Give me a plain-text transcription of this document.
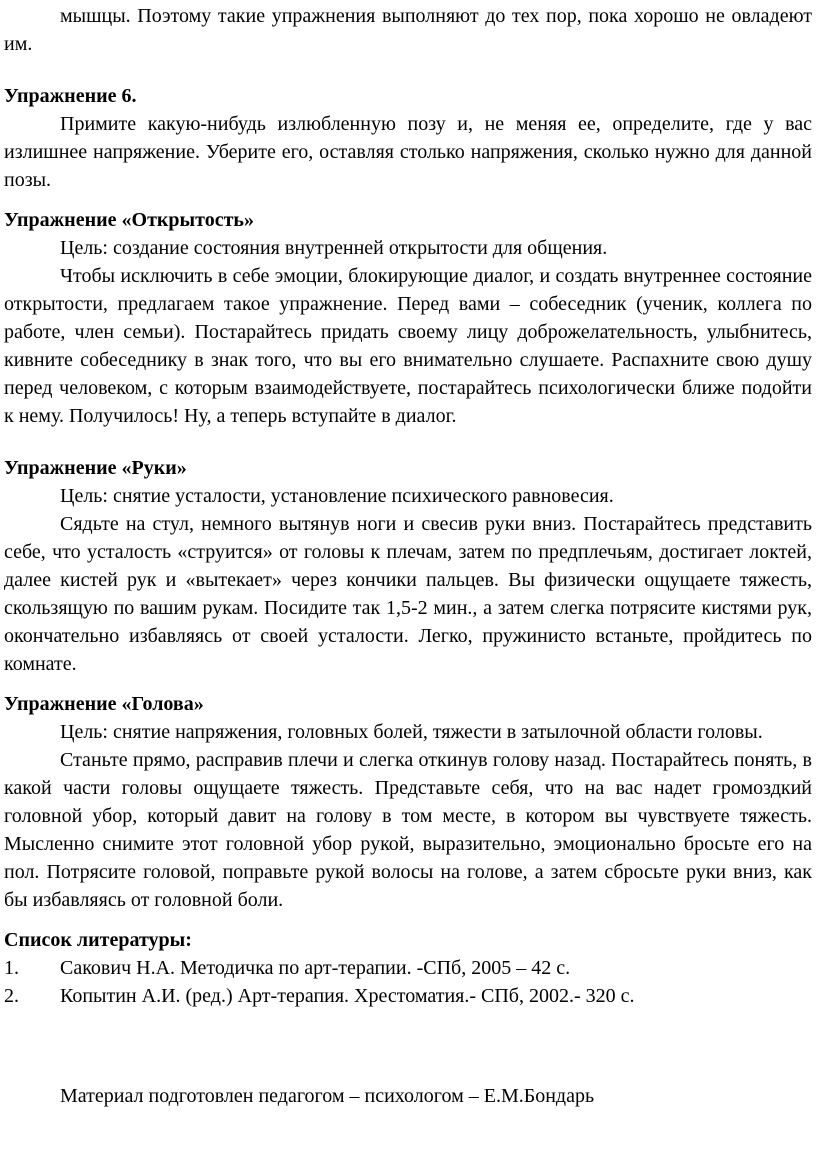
мышцы. Поэтому такие упражнения выполняют до тех пор, пока хорошо не овладеют им.

Упражнение 6.

Примите какую-нибудь излюбленную позу и, не меняя ее, определите, где у вас излишнее напряжение. Уберите его, оставляя столько напряжения, сколько нужно для данной позы.

Упражнение «Открытость»

Цель: создание состояния внутренней открытости для общения.

Чтобы исключить в себе эмоции, блокирующие диалог, и создать внутреннее состояние открытости, предлагаем такое упражнение. Перед вами – собеседник (ученик, коллега по работе, член семьи). Постарайтесь придать своему лицу доброжелательность, улыбнитесь, кивните собеседнику в знак того, что вы его внимательно слушаете. Распахните свою душу перед человеком, с которым взаимодействуете, постарайтесь психологически ближе подойти к нему. Получилось! Ну, а теперь вступайте в диалог.

Упражнение «Руки»

Цель: снятие усталости, установление психического равновесия.

Сядьте на стул, немного вытянув ноги и свесив руки вниз. Постарайтесь представить себе, что усталость «струится» от головы к плечам, затем по предплечьям, достигает локтей, далее кистей рук и «вытекает» через кончики пальцев. Вы физически ощущаете тяжесть, скользящую по вашим рукам. Посидите так 1,5-2 мин., а затем слегка потрясите кистями рук, окончательно избавляясь от своей усталости. Легко, пружинисто встаньте, пройдитесь по комнате.

Упражнение «Голова»

Цель: снятие напряжения, головных болей, тяжести в затылочной области головы.

Станьте прямо, расправив плечи и слегка откинув голову назад. Постарайтесь понять, в какой части головы ощущаете тяжесть. Представьте себя, что на вас надет громоздкий головной убор, который давит на голову в том месте, в котором вы чувствуете тяжесть. Мысленно снимите этот головной убор рукой, выразительно, эмоционально бросьте его на пол. Потрясите головой, поправьте рукой волосы на голове, а затем сбросьте руки вниз, как бы избавляясь от головной боли.

Список литературы:

1.	Сакович Н.А. Методичка по арт-терапии. -СПб, 2005 – 42 с.
2.	Копытин А.И. (ред.) Арт-терапия. Хрестоматия.- СПб, 2002.- 320 с.

Материал подготовлен педагогом – психологом – Е.М.Бондарь
